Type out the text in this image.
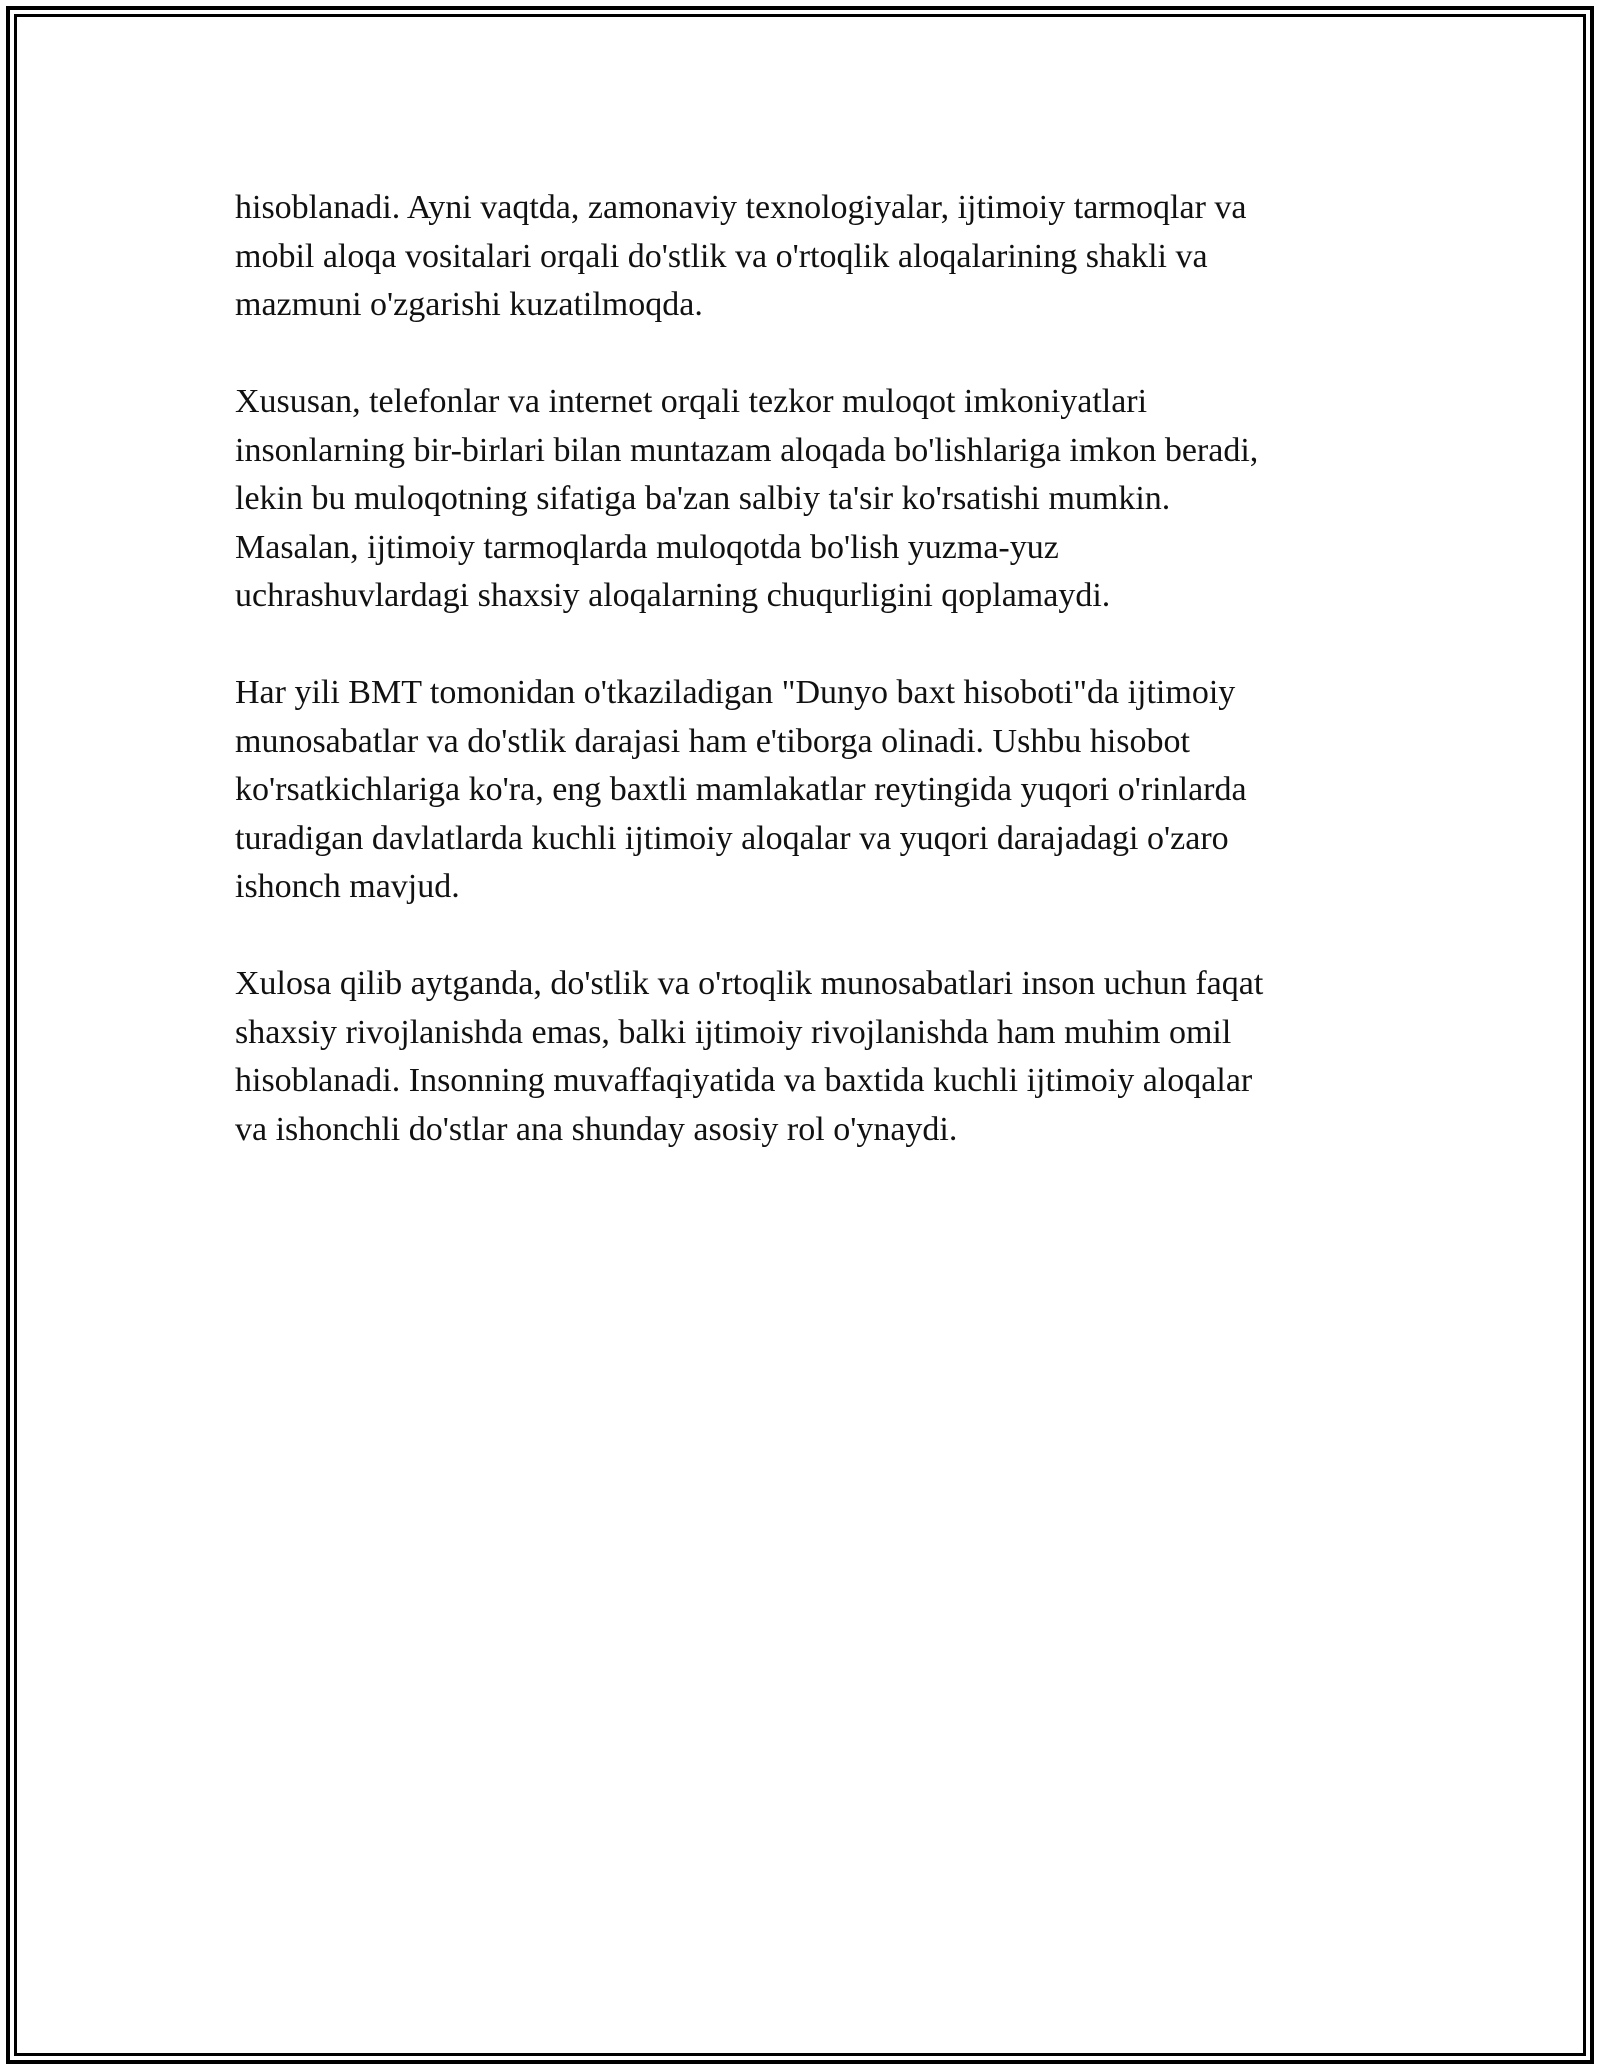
hisoblanadi. Ayni vaqtda, zamonaviy texnologiyalar, ijtimoiy tarmoqlar va
mobil aloqa vositalari orqali do'stlik va o'rtoqlik aloqalarining shakli va
mazmuni o'zgarishi kuzatilmoqda.

Xususan, telefonlar va internet orqali tezkor muloqot imkoniyatlari
insonlarning bir-birlari bilan muntazam aloqada bo'lishlariga imkon beradi,
lekin bu muloqotning sifatiga ba'zan salbiy ta'sir ko'rsatishi mumkin.
Masalan, ijtimoiy tarmoqlarda muloqotda bo'lish yuzma-yuz
uchrashuvlardagi shaxsiy aloqalarning chuqurligini qoplamaydi.

Har yili BMT tomonidan o'tkaziladigan "Dunyo baxt hisoboti"da ijtimoiy
munosabatlar va do'stlik darajasi ham e'tiborga olinadi. Ushbu hisobot
ko'rsatkichlariga ko'ra, eng baxtli mamlakatlar reytingida yuqori o'rinlarda
turadigan davlatlarda kuchli ijtimoiy aloqalar va yuqori darajadagi o'zaro
ishonch mavjud.

Xulosa qilib aytganda, do'stlik va o'rtoqlik munosabatlari inson uchun faqat
shaxsiy rivojlanishda emas, balki ijtimoiy rivojlanishda ham muhim omil
hisoblanadi. Insonning muvaffaqiyatida va baxtida kuchli ijtimoiy aloqalar
va ishonchli do'stlar ana shunday asosiy rol o'ynaydi.
